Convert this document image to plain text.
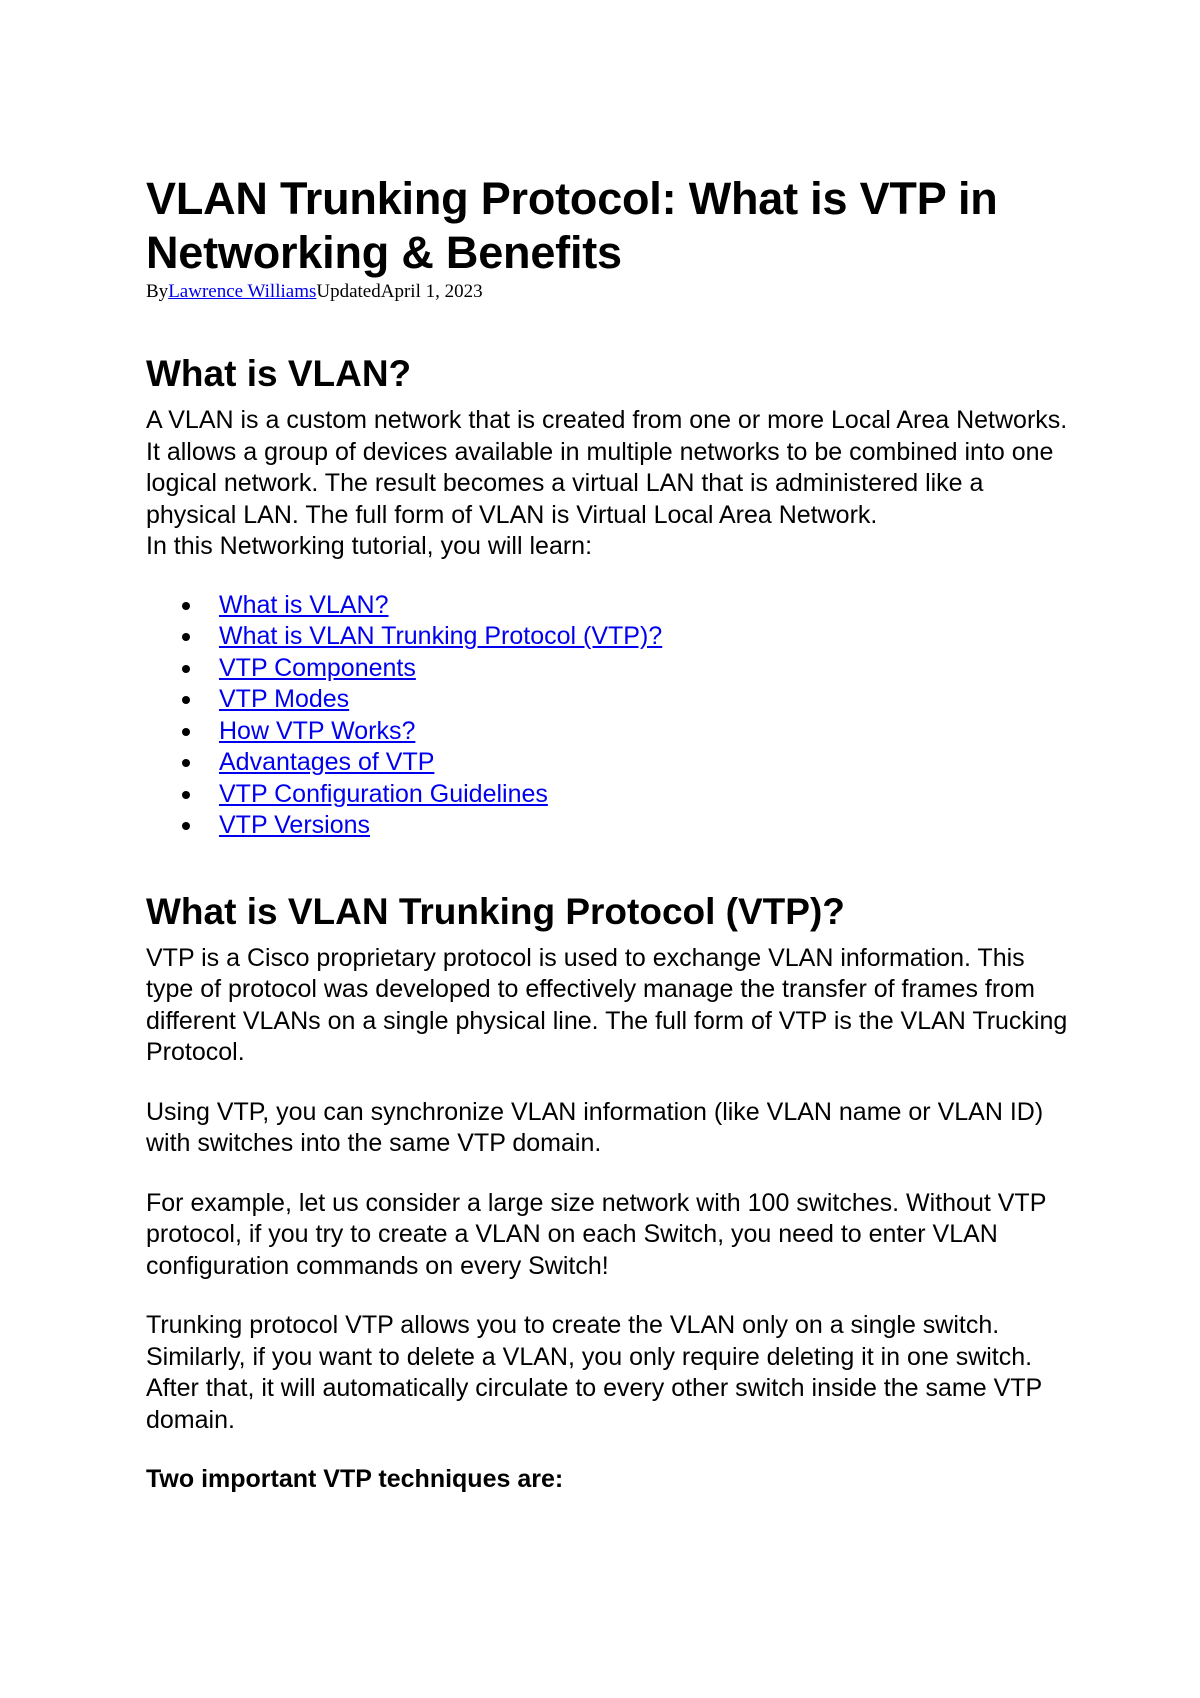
VLAN Trunking Protocol: What is VTP in Networking & Benefits

ByLawrence WilliamsUpdatedApril 1, 2023

What is VLAN?

A VLAN is a custom network that is created from one or more Local Area Networks. It allows a group of devices available in multiple networks to be combined into one logical network. The result becomes a virtual LAN that is administered like a physical LAN. The full form of VLAN is Virtual Local Area Network.

In this Networking tutorial, you will learn:

What is VLAN?
What is VLAN Trunking Protocol (VTP)?
VTP Components
VTP Modes
How VTP Works?
Advantages of VTP
VTP Configuration Guidelines
VTP Versions
What is VLAN Trunking Protocol (VTP)?

VTP is a Cisco proprietary protocol is used to exchange VLAN information. This type of protocol was developed to effectively manage the transfer of frames from different VLANs on a single physical line. The full form of VTP is the VLAN Trucking Protocol.

Using VTP, you can synchronize VLAN information (like VLAN name or VLAN ID) with switches into the same VTP domain.

For example, let us consider a large size network with 100 switches. Without VTP protocol, if you try to create a VLAN on each Switch, you need to enter VLAN configuration commands on every Switch!

Trunking protocol VTP allows you to create the VLAN only on a single switch. Similarly, if you want to delete a VLAN, you only require deleting it in one switch. After that, it will automatically circulate to every other switch inside the same VTP domain.

Two important VTP techniques are:
